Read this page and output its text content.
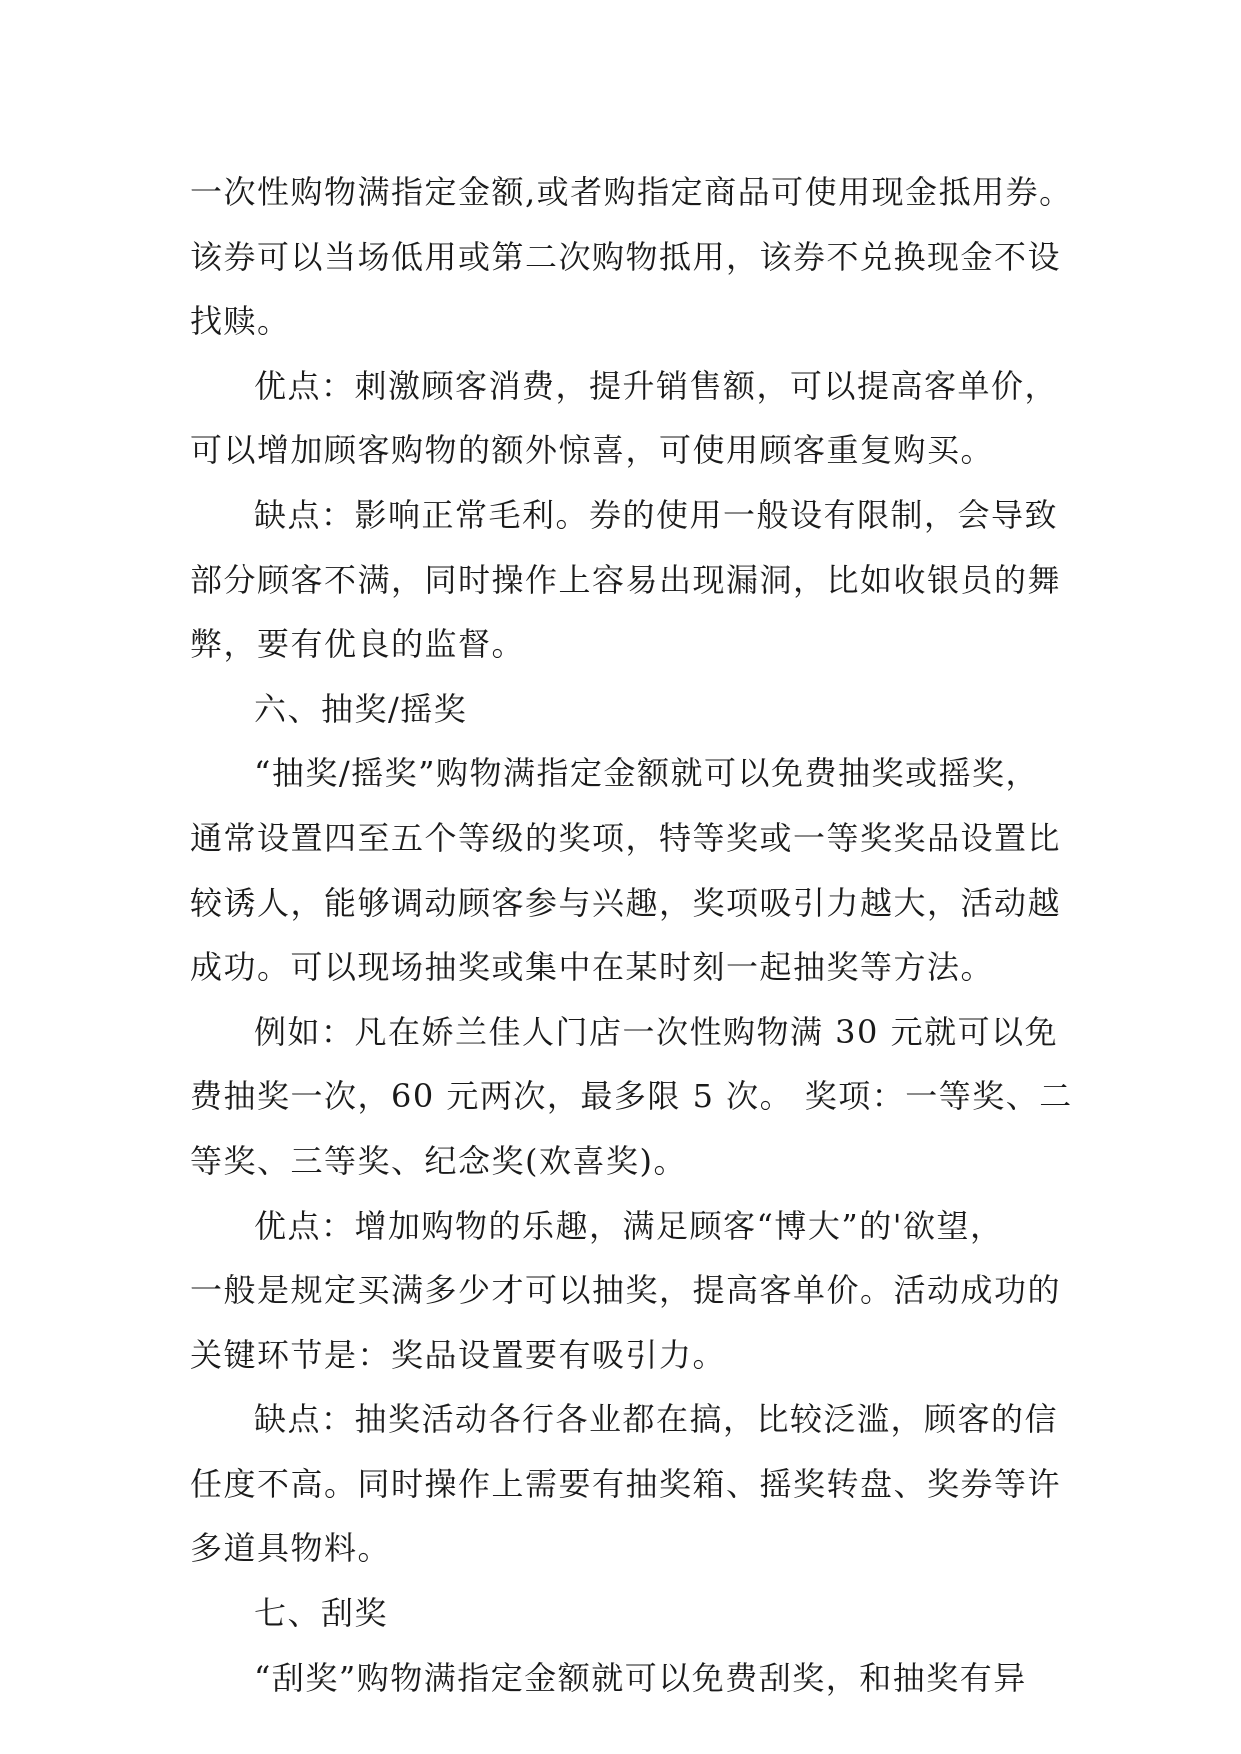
一次性购物满指定金额,或者购指定商品可使用现金抵用券。
该券可以当场低用或第二次购物抵用，该券不兑换现金不设
找赎。
优点：刺激顾客消费，提升销售额，可以提高客单价，
可以增加顾客购物的额外惊喜，可使用顾客重复购买。
缺点：影响正常毛利。券的使用一般设有限制，会导致
部分顾客不满，同时操作上容易出现漏洞，比如收银员的舞
弊，要有优良的监督。
六、抽奖/摇奖
“抽奖/摇奖”购物满指定金额就可以免费抽奖或摇奖，
通常设置四至五个等级的奖项，特等奖或一等奖奖品设置比
较诱人，能够调动顾客参与兴趣，奖项吸引力越大，活动越
成功。可以现场抽奖或集中在某时刻一起抽奖等方法。
例如：凡在娇兰佳人门店一次性购物满 30 元就可以免
费抽奖一次，60 元两次，最多限 5 次。 奖项：一等奖、二
等奖、三等奖、纪念奖(欢喜奖)。
优点：增加购物的乐趣，满足顾客“博大”的'欲望，
一般是规定买满多少才可以抽奖，提高客单价。活动成功的
关键环节是：奖品设置要有吸引力。
缺点：抽奖活动各行各业都在搞，比较泛滥，顾客的信
任度不高。同时操作上需要有抽奖箱、摇奖转盘、奖券等许
多道具物料。
七、刮奖
“刮奖”购物满指定金额就可以免费刮奖，和抽奖有异
